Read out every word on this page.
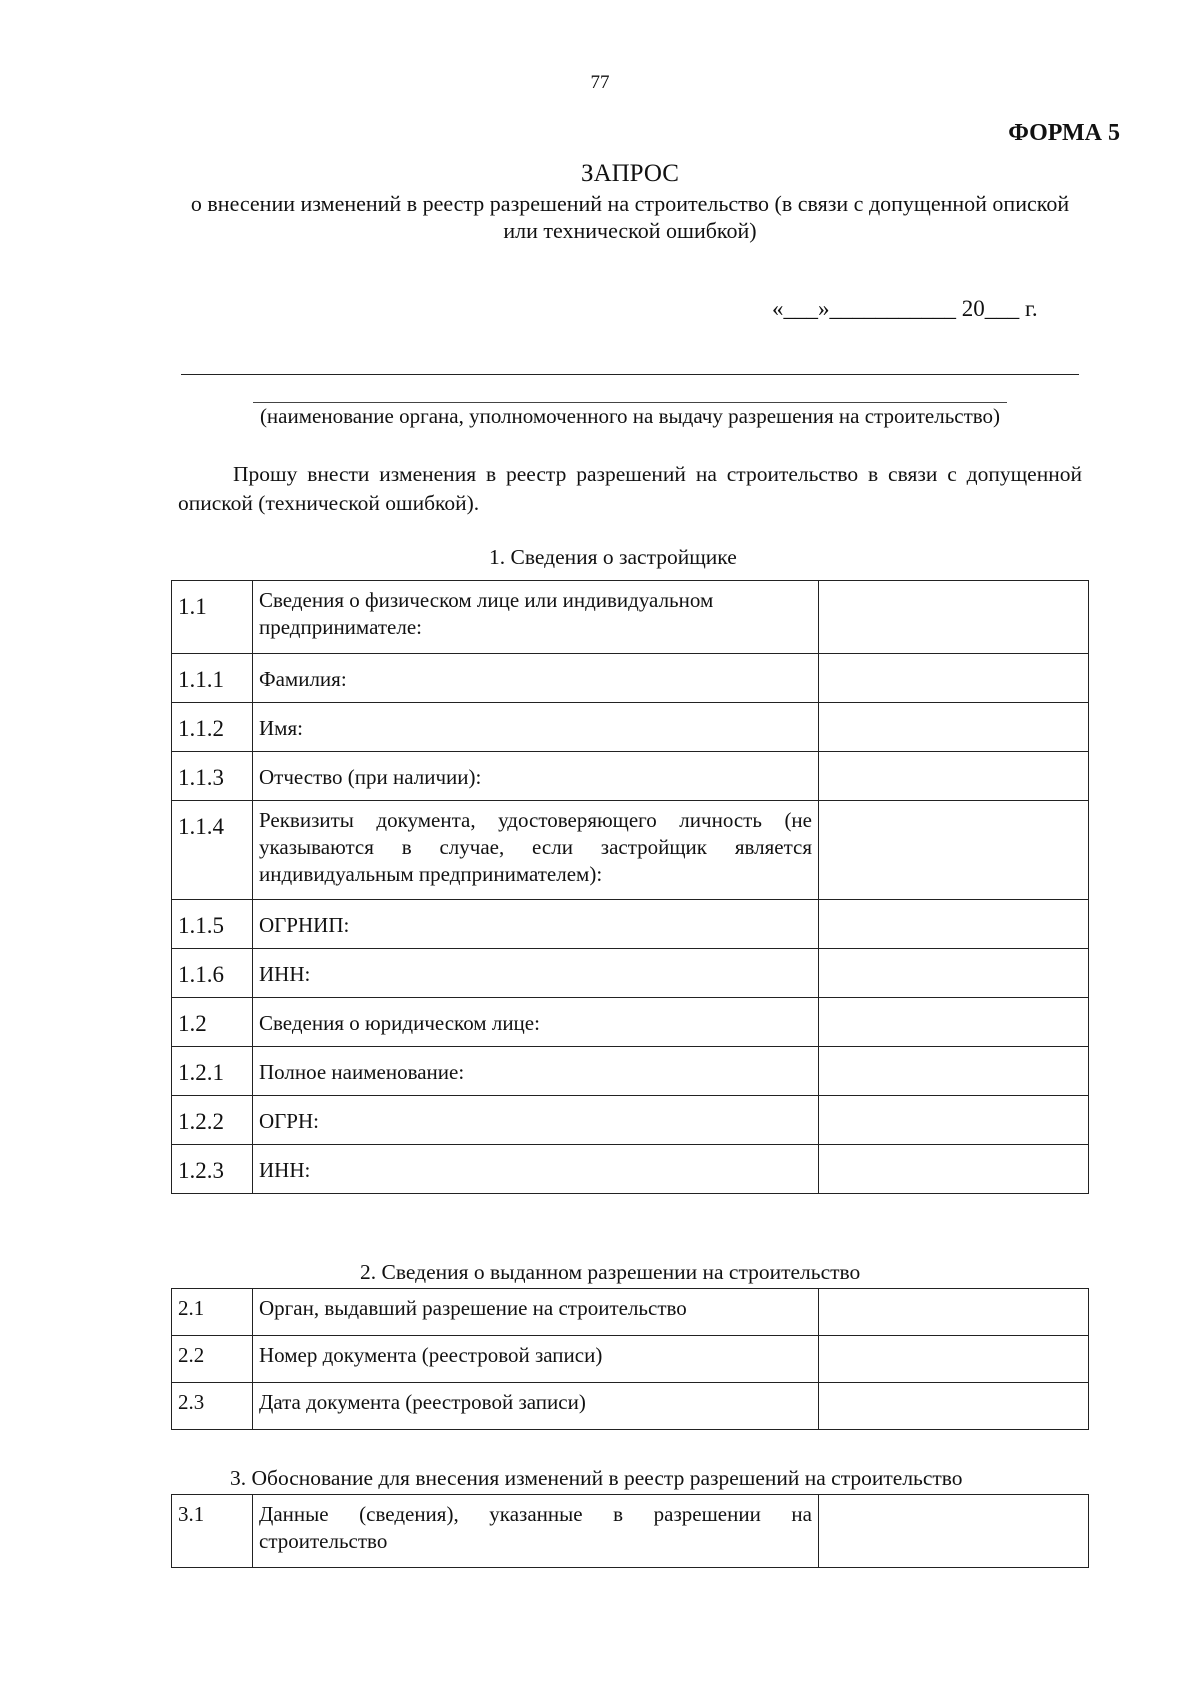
77
ФОРМА 5
ЗАПРОС
о внесении изменений в реестр разрешений на строительство (в связи с допущенной опиской или технической ошибкой)
«___»___________ 20___ г.
(наименование органа, уполномоченного на выдачу разрешения на строительство)
Прошу внести изменения в реестр разрешений на строительство в связи с допущенной опиской (технической ошибкой).
1. Сведения о застройщике
1.1	Сведения о физическом лице или индивидуальном предпринимателе:	
1.1.1	Фамилия:	
1.1.2	Имя:	
1.1.3	Отчество (при наличии):	
1.1.4	Реквизиты документа, удостоверяющего личность (не указываются в случае, если застройщик является индивидуальным предпринимателем):	
1.1.5	ОГРНИП:	
1.1.6	ИНН:	
1.2	Сведения о юридическом лице:	
1.2.1	Полное наименование:	
1.2.2	ОГРН:	
1.2.3	ИНН:	
2. Сведения о выданном разрешении на строительство
2.1	Орган, выдавший разрешение на строительство	
2.2	Номер документа (реестровой записи)	
2.3	Дата документа (реестровой записи)	
3. Обоснование для внесения изменений в реестр разрешений на строительство
3.1	Данные (сведения), указанные в разрешении на строительство	
